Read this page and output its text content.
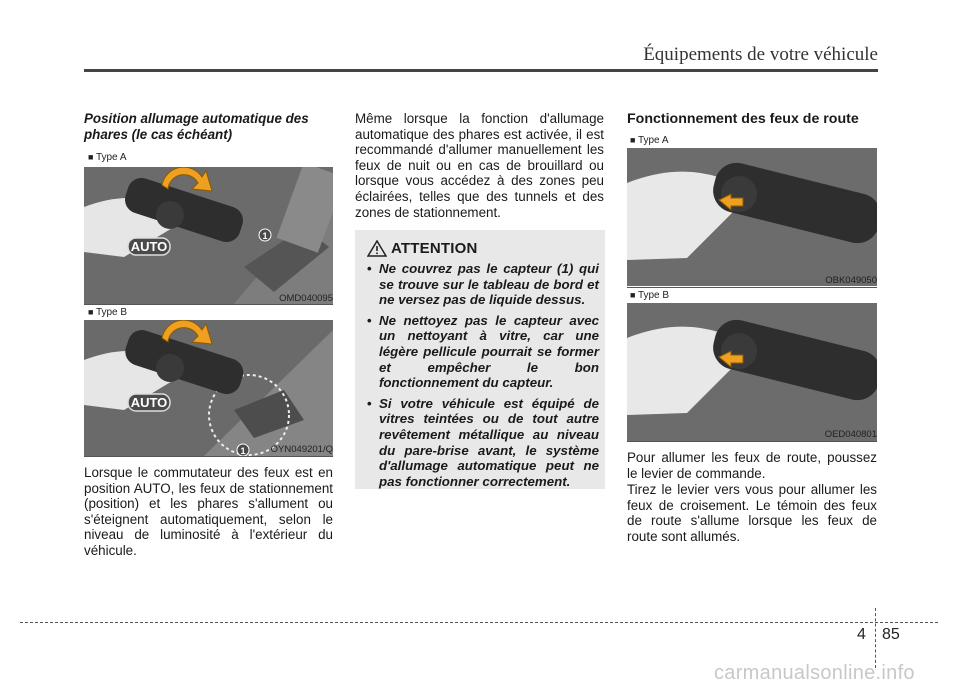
Équipements de votre véhicule
Position allumage automatique des phares (le cas échéant)
■ Type A
AUTO
1
OMD040095
■ Type B
AUTO
1	OYN049201/Q
Lorsque le commutateur des feux est en position AUTO, les feux de stationnement (position) et les phares s'allument ou s'éteignent automatiquement, selon le niveau de luminosité à l'extérieur du véhicule.
Même lorsque la fonction d'allumage automatique des phares est activée, il est recommandé d'allumer manuellement les feux de nuit ou en cas de brouillard ou lorsque vous accédez à des zones peu éclairées, telles que des tunnels et des zones de stationnement.
ATTENTION
• Ne couvrez pas le capteur (1) qui se trouve sur le tableau de bord et ne versez pas de liquide dessus.
• Ne nettoyez pas le capteur avec un nettoyant à vitre, car une légère pellicule pourrait se former et empêcher le bon fonctionnement du capteur.
• Si votre véhicule est équipé de vitres teintées ou de tout autre revêtement métallique au niveau du pare-brise avant, le système d'allumage automatique peut ne pas fonctionner correctement.
Fonctionnement des feux de route
■ Type A
OBK049050
■ Type B
OED040801
Pour allumer les feux de route, poussez le levier de commande.
Tirez le levier vers vous pour allumer les feux de croisement. Le témoin des feux de route s'allume lorsque les feux de route sont allumés.
4 85
carmanualsonline.info
